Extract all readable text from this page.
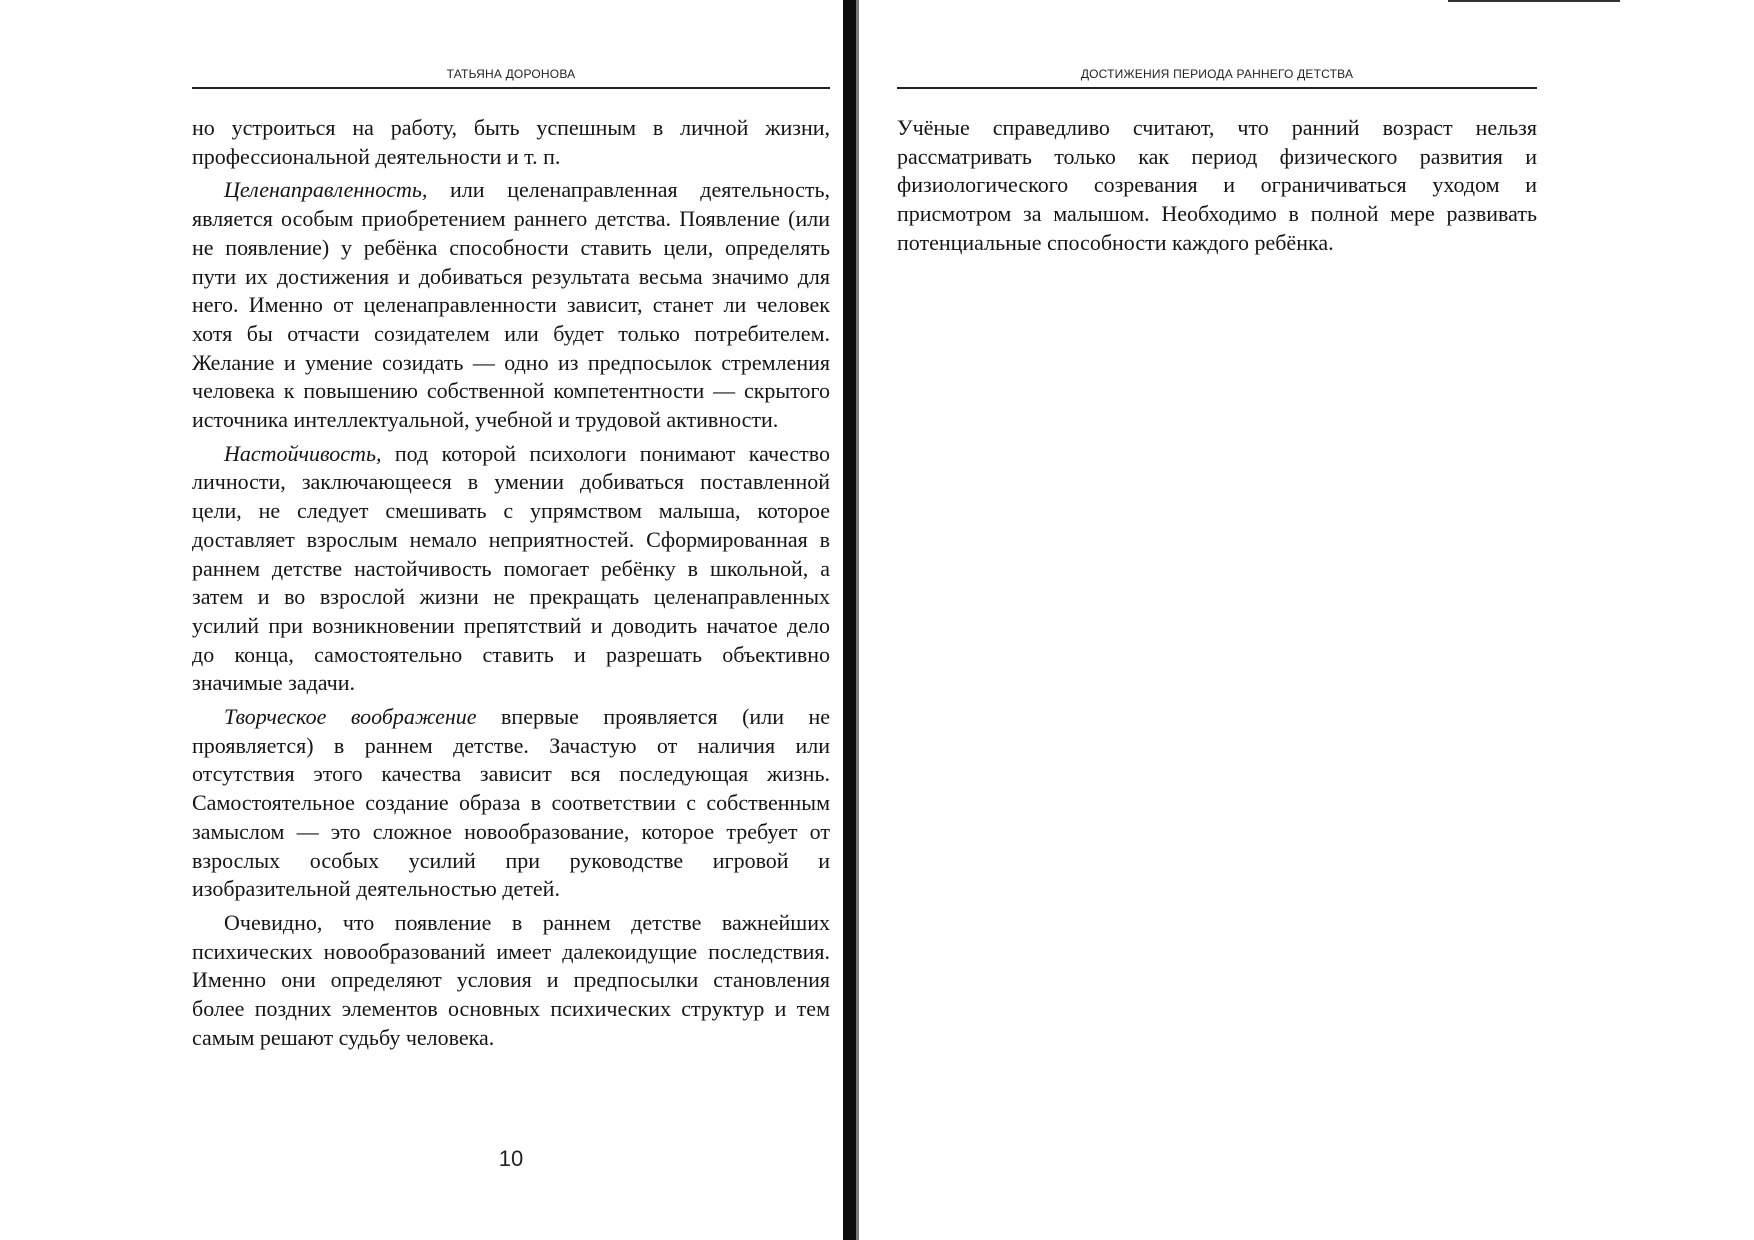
ТАТЬЯНА ДОРОНОВА

но устроиться на работу, быть успешным в личной жизни, профессиональной деятельности и т. п.

Целенаправленность, или целенаправленная деятельность, является особым приобретением раннего детства. Появление (или не появление) у ребёнка способности ставить цели, определять пути их достижения и добиваться результата весьма значимо для него. Именно от целенаправленности зависит, станет ли человек хотя бы отчасти созидателем или будет только потребителем. Желание и умение созидать — одно из предпосылок стремления человека к повышению собственной компетентности — скрытого источника интеллектуальной, учебной и трудовой активности.

Настойчивость, под которой психологи понимают качество личности, заключающееся в умении добиваться поставленной цели, не следует смешивать с упрямством малыша, которое доставляет взрослым немало неприятностей. Сформированная в раннем детстве настойчивость помогает ребёнку в школьной, а затем и во взрослой жизни не прекращать целенаправленных усилий при возникновении препятствий и доводить начатое дело до конца, самостоятельно ставить и разрешать объективно значимые задачи.

Творческое воображение впервые проявляется (или не проявляется) в раннем детстве. Зачастую от наличия или отсутствия этого качества зависит вся последующая жизнь. Самостоятельное создание образа в соответствии с собственным замыслом — это сложное новообразование, которое требует от взрослых особых усилий при руководстве игровой и изобразительной деятельностью детей.

Очевидно, что появление в раннем детстве важнейших психических новообразований имеет далекоидущие последствия. Именно они определяют условия и предпосылки становления более поздних элементов основных психических структур и тем самым решают судьбу человека.

10
ДОСТИЖЕНИЯ ПЕРИОДА РАННЕГО ДЕТСТВА

Учёные справедливо считают, что ранний возраст нельзя рассматривать только как период физического развития и физиологического созревания и ограничиваться уходом и присмотром за малышом. Необходимо в полной мере развивать потенциальные способности каждого ребёнка.
